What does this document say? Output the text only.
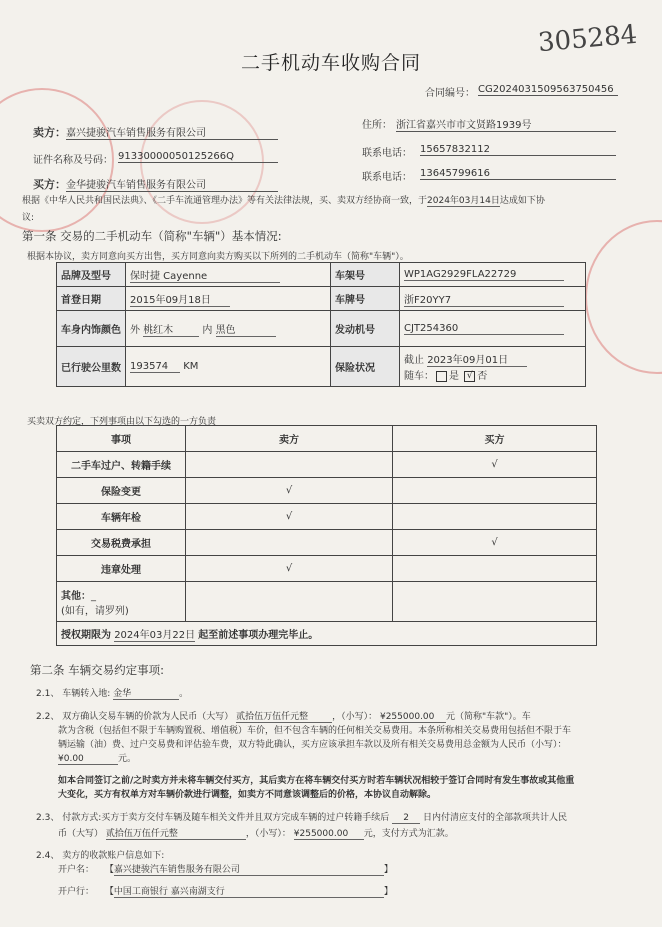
305284
二手机动车收购合同
合同编号： CG2024031509563750456
卖方： 嘉兴捷骏汽车销售服务有限公司
住所： 浙江省嘉兴市市文贤路1939号
证件名称及号码： 91330000050125266Q	联系电话： 15657832112
买方： 金华捷骏汽车销售服务有限公司
联系电话： 13645799616
根据《中华人民共和国民法典》、《二手车流通管理办法》等有关法律法规，买、卖双方经协商一致，于2024年03月14日达成如下协
议:
第一条 交易的二手机动车（简称"车辆"）基本情况:
根据本协议，卖方同意向买方出售，买方同意向卖方购买以下所列的二手机动车（简称"车辆"）。
品牌及型号	保时捷 Cayenne	车架号	WP1AG2929FLA22729
首登日期	2015年09月18日	车牌号	浙F20YY7
车身内饰颜色	外 桃红木 内 黑色	发动机号	CJT254360
已行驶公里数	193574 KM	保险状况	截止 2023年09月01日
随车： 是 √ 否
买卖双方约定，下列事项由以下勾选的一方负责
事项	卖方	买方
二手车过户、转籍手续		√
保险变更	√	
车辆年检	√	
交易税费承担		√
违章处理	√	

其他：_
(如有，请罗列)		

授权期限为 2024年03月22日 起至前述事项办理完毕止。		
第二条 车辆交易约定事项:
2.1、 车辆转入地: 金华	。
2.2、 双方确认交易车辆的价款为人民币（大写） 贰拾伍万伍仟元整	，（小写）： ¥255000.00 元（简称"车款"）。车
款为含税（包括但不限于车辆购置税、增值税）车价，但不包含车辆的任何相关交易费用。本条所称相关交易费用包括但不限于车
辆运输（油）费、过户交易费和评估验车费，双方特此确认，买方应该承担车款以及所有相关交易费用总金额为人民币（小写）：
¥0.00	元。
如本合同签订之前/之时卖方并未将车辆交付买方，其后卖方在将车辆交付买方时若车辆状况相较于签订合同时有发生事故或其他重
大变化，买方有权单方对车辆价款进行调整，如卖方不同意该调整后的价格，本协议自动解除。
2.3、 付款方式:买方于卖方交付车辆及随车相关文件并且双方完成车辆的过户转籍手续后 2 日内付清应支付的全部款项共计人民
币（大写） 贰拾伍万伍仟元整	，（小写）： ¥255000.00 元，支付方式为汇款。
2.4、 卖方的收款账户信息如下:
开户名： 【嘉兴捷骏汽车销售服务有限公司	】
开户行： 【中国工商银行 嘉兴南湖支行	】
